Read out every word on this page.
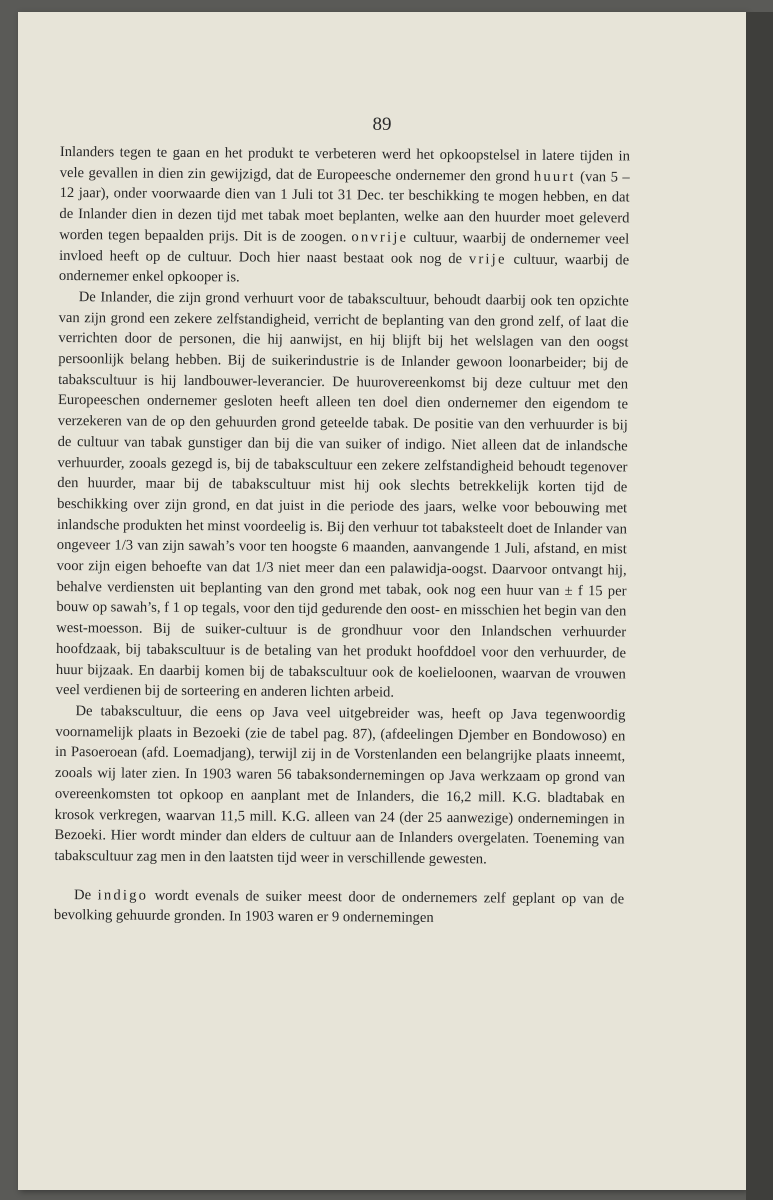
89

Inlanders tegen te gaan en het produkt te verbeteren werd het opkoopstelsel in latere tijden in vele gevallen in dien zin gewijzigd, dat de Europeesche ondernemer den grond huurt (van 5 – 12 jaar), onder voorwaarde dien van 1 Juli tot 31 Dec. ter beschikking te mogen hebben, en dat de Inlander dien in dezen tijd met tabak moet beplanten, welke aan den huurder moet geleverd worden tegen bepaalden prijs. Dit is de zoogen. onvrije cultuur, waarbij de ondernemer veel invloed heeft op de cultuur. Doch hier naast bestaat ook nog de vrije cultuur, waarbij de ondernemer enkel opkooper is.

De Inlander, die zijn grond verhuurt voor de tabakscultuur, behoudt daarbij ook ten opzichte van zijn grond een zekere zelfstandigheid, verricht de beplanting van den grond zelf, of laat die verrichten door de personen, die hij aanwijst, en hij blijft bij het welslagen van den oogst persoonlijk belang hebben. Bij de suikerindustrie is de Inlander gewoon loonarbeider; bij de tabakscultuur is hij landbouwer-leverancier. De huurovereenkomst bij deze cultuur met den Europeeschen ondernemer gesloten heeft alleen ten doel dien ondernemer den eigendom te verzekeren van de op den gehuurden grond geteelde tabak. De positie van den verhuurder is bij de cultuur van tabak gunstiger dan bij die van suiker of indigo. Niet alleen dat de inlandsche verhuurder, zooals gezegd is, bij de tabakscultuur een zekere zelfstandigheid behoudt tegenover den huurder, maar bij de tabakscultuur mist hij ook slechts betrekkelijk korten tijd de beschikking over zijn grond, en dat juist in die periode des jaars, welke voor bebouwing met inlandsche produkten het minst voordeelig is. Bij den verhuur tot tabaksteelt doet de Inlander van ongeveer 1/3 van zijn sawah’s voor ten hoogste 6 maanden, aanvangende 1 Juli, afstand, en mist voor zijn eigen behoefte van dat 1/3 niet meer dan een palawidja-oogst. Daarvoor ontvangt hij, behalve verdiensten uit beplanting van den grond met tabak, ook nog een huur van ± f 15 per bouw op sawah’s, f 1 op tegals, voor den tijd gedurende den oost- en misschien het begin van den west-moesson. Bij de suiker-cultuur is de grondhuur voor den Inlandschen verhuurder hoofdzaak, bij tabakscultuur is de betaling van het produkt hoofddoel voor den verhuurder, de huur bijzaak. En daarbij komen bij de tabakscultuur ook de koelieloonen, waarvan de vrouwen veel verdienen bij de sorteering en anderen lichten arbeid.

De tabakscultuur, die eens op Java veel uitgebreider was, heeft op Java tegenwoordig voornamelijk plaats in Bezoeki (zie de tabel pag. 87), (afdeelingen Djember en Bondowoso) en in Pasoeroean (afd. Loemadjang), terwijl zij in de Vorstenlanden een belangrijke plaats inneemt, zooals wij later zien. In 1903 waren 56 tabaksondernemingen op Java werkzaam op grond van overeenkomsten tot opkoop en aanplant met de Inlanders, die 16,2 mill. K.G. bladtabak en krosok verkregen, waarvan 11,5 mill. K.G. alleen van 24 (der 25 aanwezige) ondernemingen in Bezoeki. Hier wordt minder dan elders de cultuur aan de Inlanders overgelaten. Toeneming van tabakscultuur zag men in den laatsten tijd weer in verschillende gewesten.

De indigo wordt evenals de suiker meest door de ondernemers zelf geplant op van de bevolking gehuurde gronden. In 1903 waren er 9 ondernemingen
